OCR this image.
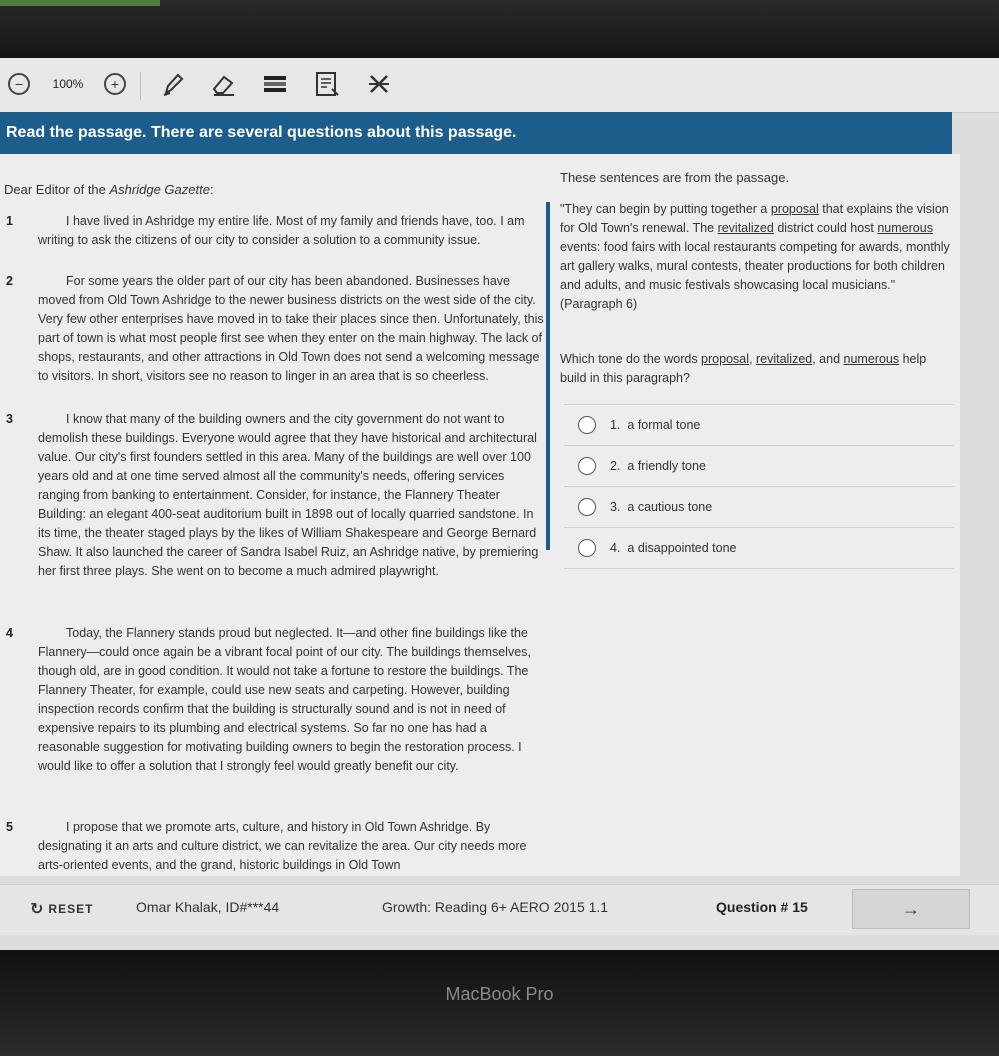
−	100%	+
Read the passage. There are several questions about this passage.
Dear Editor of the Ashridge Gazette:
1	I have lived in Ashridge my entire life. Most of my family and friends have, too. I am writing to ask the citizens of our city to consider a solution to a community issue.
2	For some years the older part of our city has been abandoned. Businesses have moved from Old Town Ashridge to the newer business districts on the west side of the city. Very few other enterprises have moved in to take their places since then. Unfortunately, this part of town is what most people first see when they enter on the main highway. The lack of shops, restaurants, and other attractions in Old Town does not send a welcoming message to visitors. In short, visitors see no reason to linger in an area that is so cheerless.
3	I know that many of the building owners and the city government do not want to demolish these buildings. Everyone would agree that they have historical and architectural value. Our city's first founders settled in this area. Many of the buildings are well over 100 years old and at one time served almost all the community's needs, offering services ranging from banking to entertainment. Consider, for instance, the Flannery Theater Building: an elegant 400-seat auditorium built in 1898 out of locally quarried sandstone. In its time, the theater staged plays by the likes of William Shakespeare and George Bernard Shaw. It also launched the career of Sandra Isabel Ruiz, an Ashridge native, by premiering her first three plays. She went on to become a much admired playwright.
4	Today, the Flannery stands proud but neglected. It—and other fine buildings like the Flannery—could once again be a vibrant focal point of our city. The buildings themselves, though old, are in good condition. It would not take a fortune to restore the buildings. The Flannery Theater, for example, could use new seats and carpeting. However, building inspection records confirm that the building is structurally sound and is not in need of expensive repairs to its plumbing and electrical systems. So far no one has had a reasonable suggestion for motivating building owners to begin the restoration process. I would like to offer a solution that I strongly feel would greatly benefit our city.
5	I propose that we promote arts, culture, and history in Old Town Ashridge. By designating it an arts and culture district, we can revitalize the area. Our city needs more arts-oriented events, and the grand, historic buildings in Old Town
These sentences are from the passage.
"They can begin by putting together a proposal that explains the vision for Old Town's renewal. The revitalized district could host numerous events: food fairs with local restaurants competing for awards, monthly art gallery walks, mural contests, theater productions for both children and adults, and music festivals showcasing local musicians." (Paragraph 6)
Which tone do the words proposal, revitalized, and numerous help build in this paragraph?
1. a formal tone
2. a friendly tone
3. a cautious tone
4. a disappointed tone
↻ RESET	Omar Khalak, ID#***44	Growth: Reading 6+ AERO 2015 1.1	Question # 15	→
MacBook Pro
